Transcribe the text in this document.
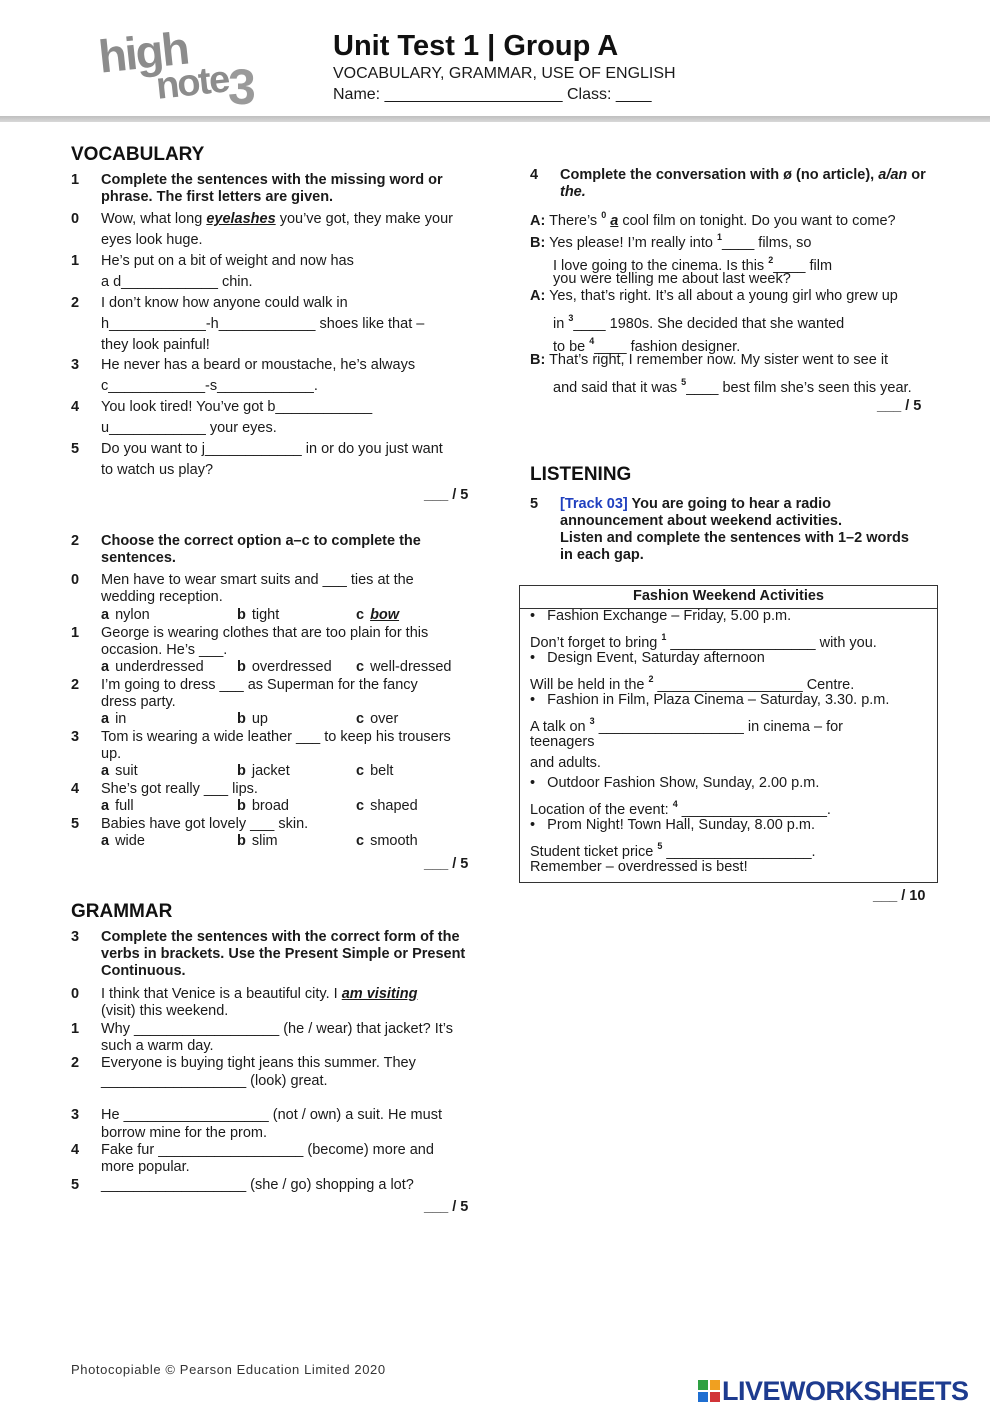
high
note
3
Unit Test 1 | Group A
VOCABULARY, GRAMMAR, USE OF ENGLISH
Name: ____________________ Class: ____
VOCABULARY
1 Complete the sentences with the missing word or phrase. The first letters are given.
0 Wow, what long eyelashes you’ve got, they make your
eyes look huge.
1 He’s put on a bit of weight and now has
a d____________ chin.
2 I don’t know how anyone could walk in
h____________-h____________ shoes like that –
they look painful!
3 He never has a beard or moustache, he’s always
c____________-s____________.
4 You look tired! You’ve got b____________
u____________ your eyes.
5 Do you want to j____________ in or do you just want
to watch us play?
___ / 5
2 Choose the correct option a–c to complete the sentences.
0 Men have to wear smart suits and ___ ties at the
wedding reception.
a nylon	b tight	c bow
1 George is wearing clothes that are too plain for this
occasion. He’s ___.
a underdressed b overdressed c well-dressed
2 I’m going to dress ___ as Superman for the fancy
dress party.
a in	b up	c over
3 Tom is wearing a wide leather ___ to keep his trousers
up.
a suit	b jacket	c belt
4 She’s got really ___ lips.
a full	b broad	c shaped
5 Babies have got lovely ___ skin.
a wide	b slim	c smooth
___ / 5
GRAMMAR
3 Complete the sentences with the correct form of the verbs in brackets. Use the Present Simple or Present Continuous.
0 I think that Venice is a beautiful city. I am visiting
(visit) this weekend.
1 Why __________________ (he / wear) that jacket? It’s
such a warm day.
2 Everyone is buying tight jeans this summer. They
__________________ (look) great.
3 He __________________ (not / own) a suit. He must
borrow mine for the prom.
4 Fake fur __________________ (become) more and
more popular.
5 __________________ (she / go) shopping a lot?
___ / 5
4 Complete the conversation with ø (no article), a/an or the.
A: There’s $^0$ a cool film on tonight. Do you want to come?
B: Yes please! I’m really into $^1$____ films, so
I love going to the cinema. Is this $^2$____ film
you were telling me about last week?
A: Yes, that’s right. It’s all about a young girl who grew up
in $^3$____ 1980s. She decided that she wanted
to be $^4$____ fashion designer.
B: That’s right, I remember now. My sister went to see it
and said that it was $^5$____ best film she’s seen this year.
___ / 5
LISTENING
5 [Track 03] You are going to hear a radio
announcement about weekend activities.
Listen and complete the sentences with 1–2 words
in each gap.
Fashion Weekend Activities
• Fashion Exchange – Friday, 5.00 p.m.
Don’t forget to bring $^1$ __________________ with you.
• Design Event, Saturday afternoon
Will be held in the $^2$ __________________ Centre.
• Fashion in Film, Plaza Cinema – Saturday, 3.30. p.m.
A talk on $^3$ __________________ in cinema – for
teenagers
and adults.
• Outdoor Fashion Show, Sunday, 2.00 p.m.
Location of the event: $^4$ __________________.
• Prom Night! Town Hall, Sunday, 8.00 p.m.
Student ticket price $^5$ __________________.
Remember – overdressed is best!
___ / 10
Photocopiable © Pearson Education Limited 2020
LIVEWORKSHEETS
